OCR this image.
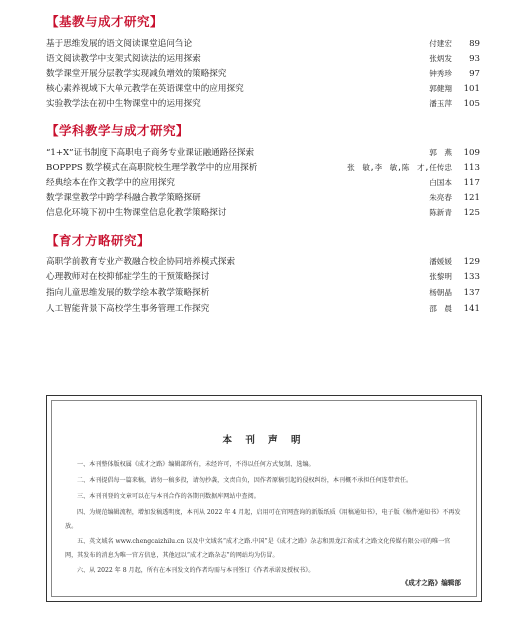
【基教与成才研究】
基于思维发展的语文阅读课堂追问刍论	付建宏	89
语文阅读教学中支架式阅读法的运用探索	张炳发	93
数学课堂开展分层教学实现减负增效的策略探究	钟秀珍	97
核心素养视域下大单元教学在英语课堂中的应用探究	郭健翔	101
实验教学法在初中生物课堂中的运用探究	潘玉萍	105
【学科教学与成才研究】
“1+X”证书制度下高职电子商务专业课证融通路径探索	郭　燕	109
BOPPPS 数学模式在高职院校生理学教学中的应用探析	张　敏,李　敏,陈　才,任传忠	113
经典绘本在作文教学中的应用探究	白国本	117
数学课堂教学中跨学科融合教学策略探研	朱亮春	121
信息化环境下初中生物课堂信息化教学策略探讨	陈新青	125
【育才方略研究】
高职学前教育专业产教融合校企协同培养模式探索	潘媛媛	129
心理教师对在校抑郁症学生的干预策略探讨	张黎明	133
指向儿童思维发展的数学绘本教学策略探析	杨朝晶	137
人工智能背景下高校学生事务管理工作探究	邵　晨	141
本 刊 声 明
一、本刊整体版权属《成才之路》编辑部所有，未经许可，不得以任何方式复制、选编。
二、本刊提倡每一篇来稿，请勿一稿多投，请勿抄袭，文责自负，因作者原稿引起的侵权纠纷，本刊概不承担任何连带责任。
三、本刊刊登的文章可以在与本刊合作的各期刊数据库网站中查阅。
四、为规范编辑流程，增加发稿透明度，本刊从 2022 年 4 月起，启用可在官网查询的新版纸质《用稿通知书》，电子版《稿件通知书》不再发放。
五、英文域名 www.chengcaizhilu.cn 以及中文域名“成才之路.中国”是《成才之路》杂志和黑龙江省成才之路文化传媒有限公司的唯一官网，其发布的消息为唯一官方信息，其他冠以“成才之路杂志”的网站均为仿冒。
六、从 2022 年 8 月起，所有在本刊发文的作者均需与本刊签订《作者承诺及授权书》。
《成才之路》编辑部
